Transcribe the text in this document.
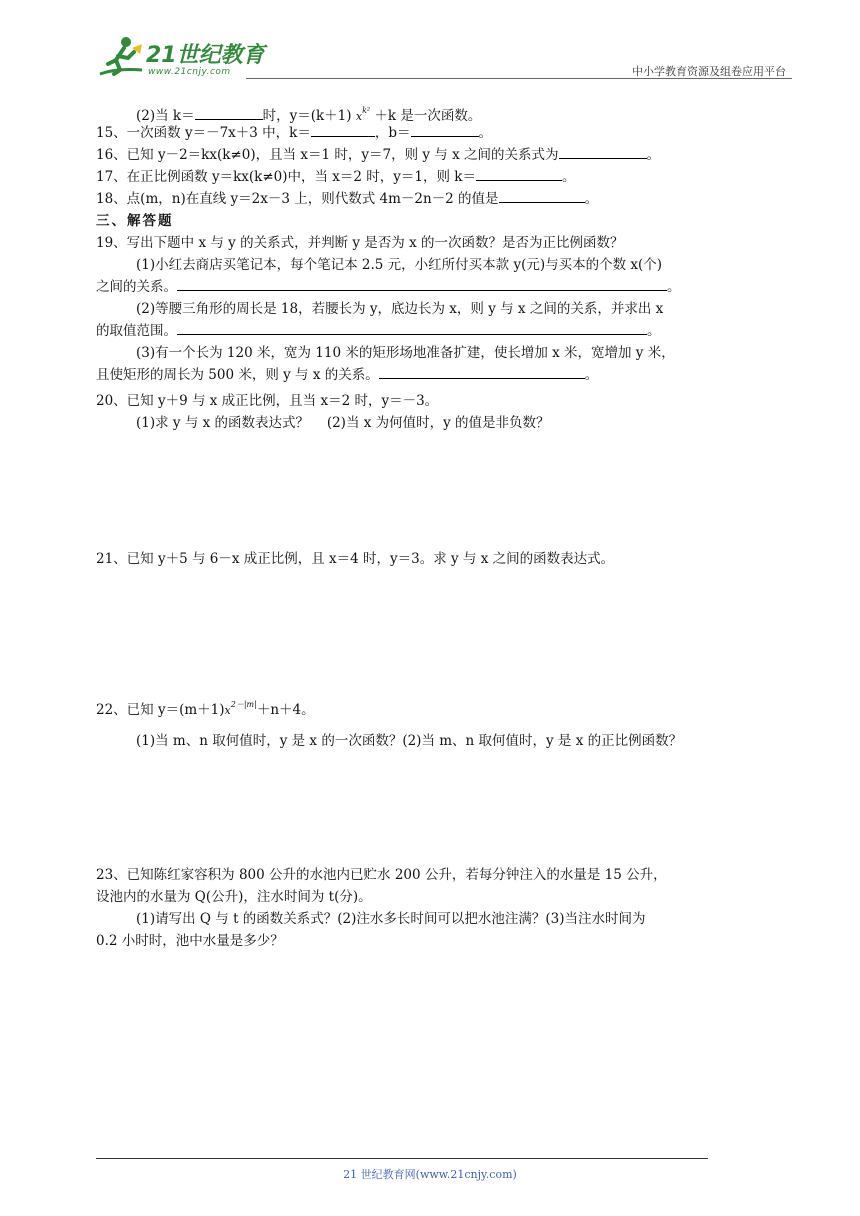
21世纪教育
www.21cnjy.com	中小学教育资源及组卷应用平台
(2)当 k＝	时，y＝(k＋1) $x^{k^2} +k$ 是一次函数。
15、一次函数 y＝－7x＋3 中，k＝	，b＝	。
16、已知 y－2＝kx(k≠0)，且当 x＝1 时，y＝7，则 y 与 x 之间的关系式为	。
17、在正比例函数 y＝kx(k≠0)中，当 x＝2 时，y＝1，则 k＝	。
18、点(m，n)在直线 y＝2x－3 上，则代数式 4m－2n－2 的值是	。
三、解答题
19、写出下题中 x 与 y 的关系式，并判断 y 是否为 x 的一次函数？是否为正比例函数？
(1)小红去商店买笔记本，每个笔记本 2.5 元，小红所付买本款 y(元)与买本的个数 x(个)
之间的关系。	。
(2)等腰三角形的周长是 18，若腰长为 y，底边长为 x，则 y 与 x 之间的关系，并求出 x
的取值范围。	。
(3)有一个长为 120 米，宽为 110 米的矩形场地准备扩建，使长增加 x 米，宽增加 y 米，
且使矩形的周长为 500 米，则 y 与 x 的关系。	。
20、已知 y＋9 与 x 成正比例，且当 x＝2 时，y＝－3。
(1)求 y 与 x 的函数表达式？　 (2)当 x 为何值时，y 的值是非负数？
21、已知 y＋5 与 6－x 成正比例，且 x＝4 时，y＝3。求 y 与 x 之间的函数表达式。
22、已知 $y=(m+1)x^{2-|m|}+n+4$。
(1)当 m、n 取何值时，y 是 x 的一次函数？(2)当 m、n 取何值时，y 是 x 的正比例函数？
23、已知陈红家容积为 800 公升的水池内已贮水 200 公升，若每分钟注入的水量是 15 公升，
设池内的水量为 Q(公升)，注水时间为 t(分)。
(1)请写出 Q 与 t 的函数关系式？(2)注水多长时间可以把水池注满？(3)当注水时间为
0.2 小时时，池中水量是多少？
21 世纪教育网(www.21cnjy.com)
